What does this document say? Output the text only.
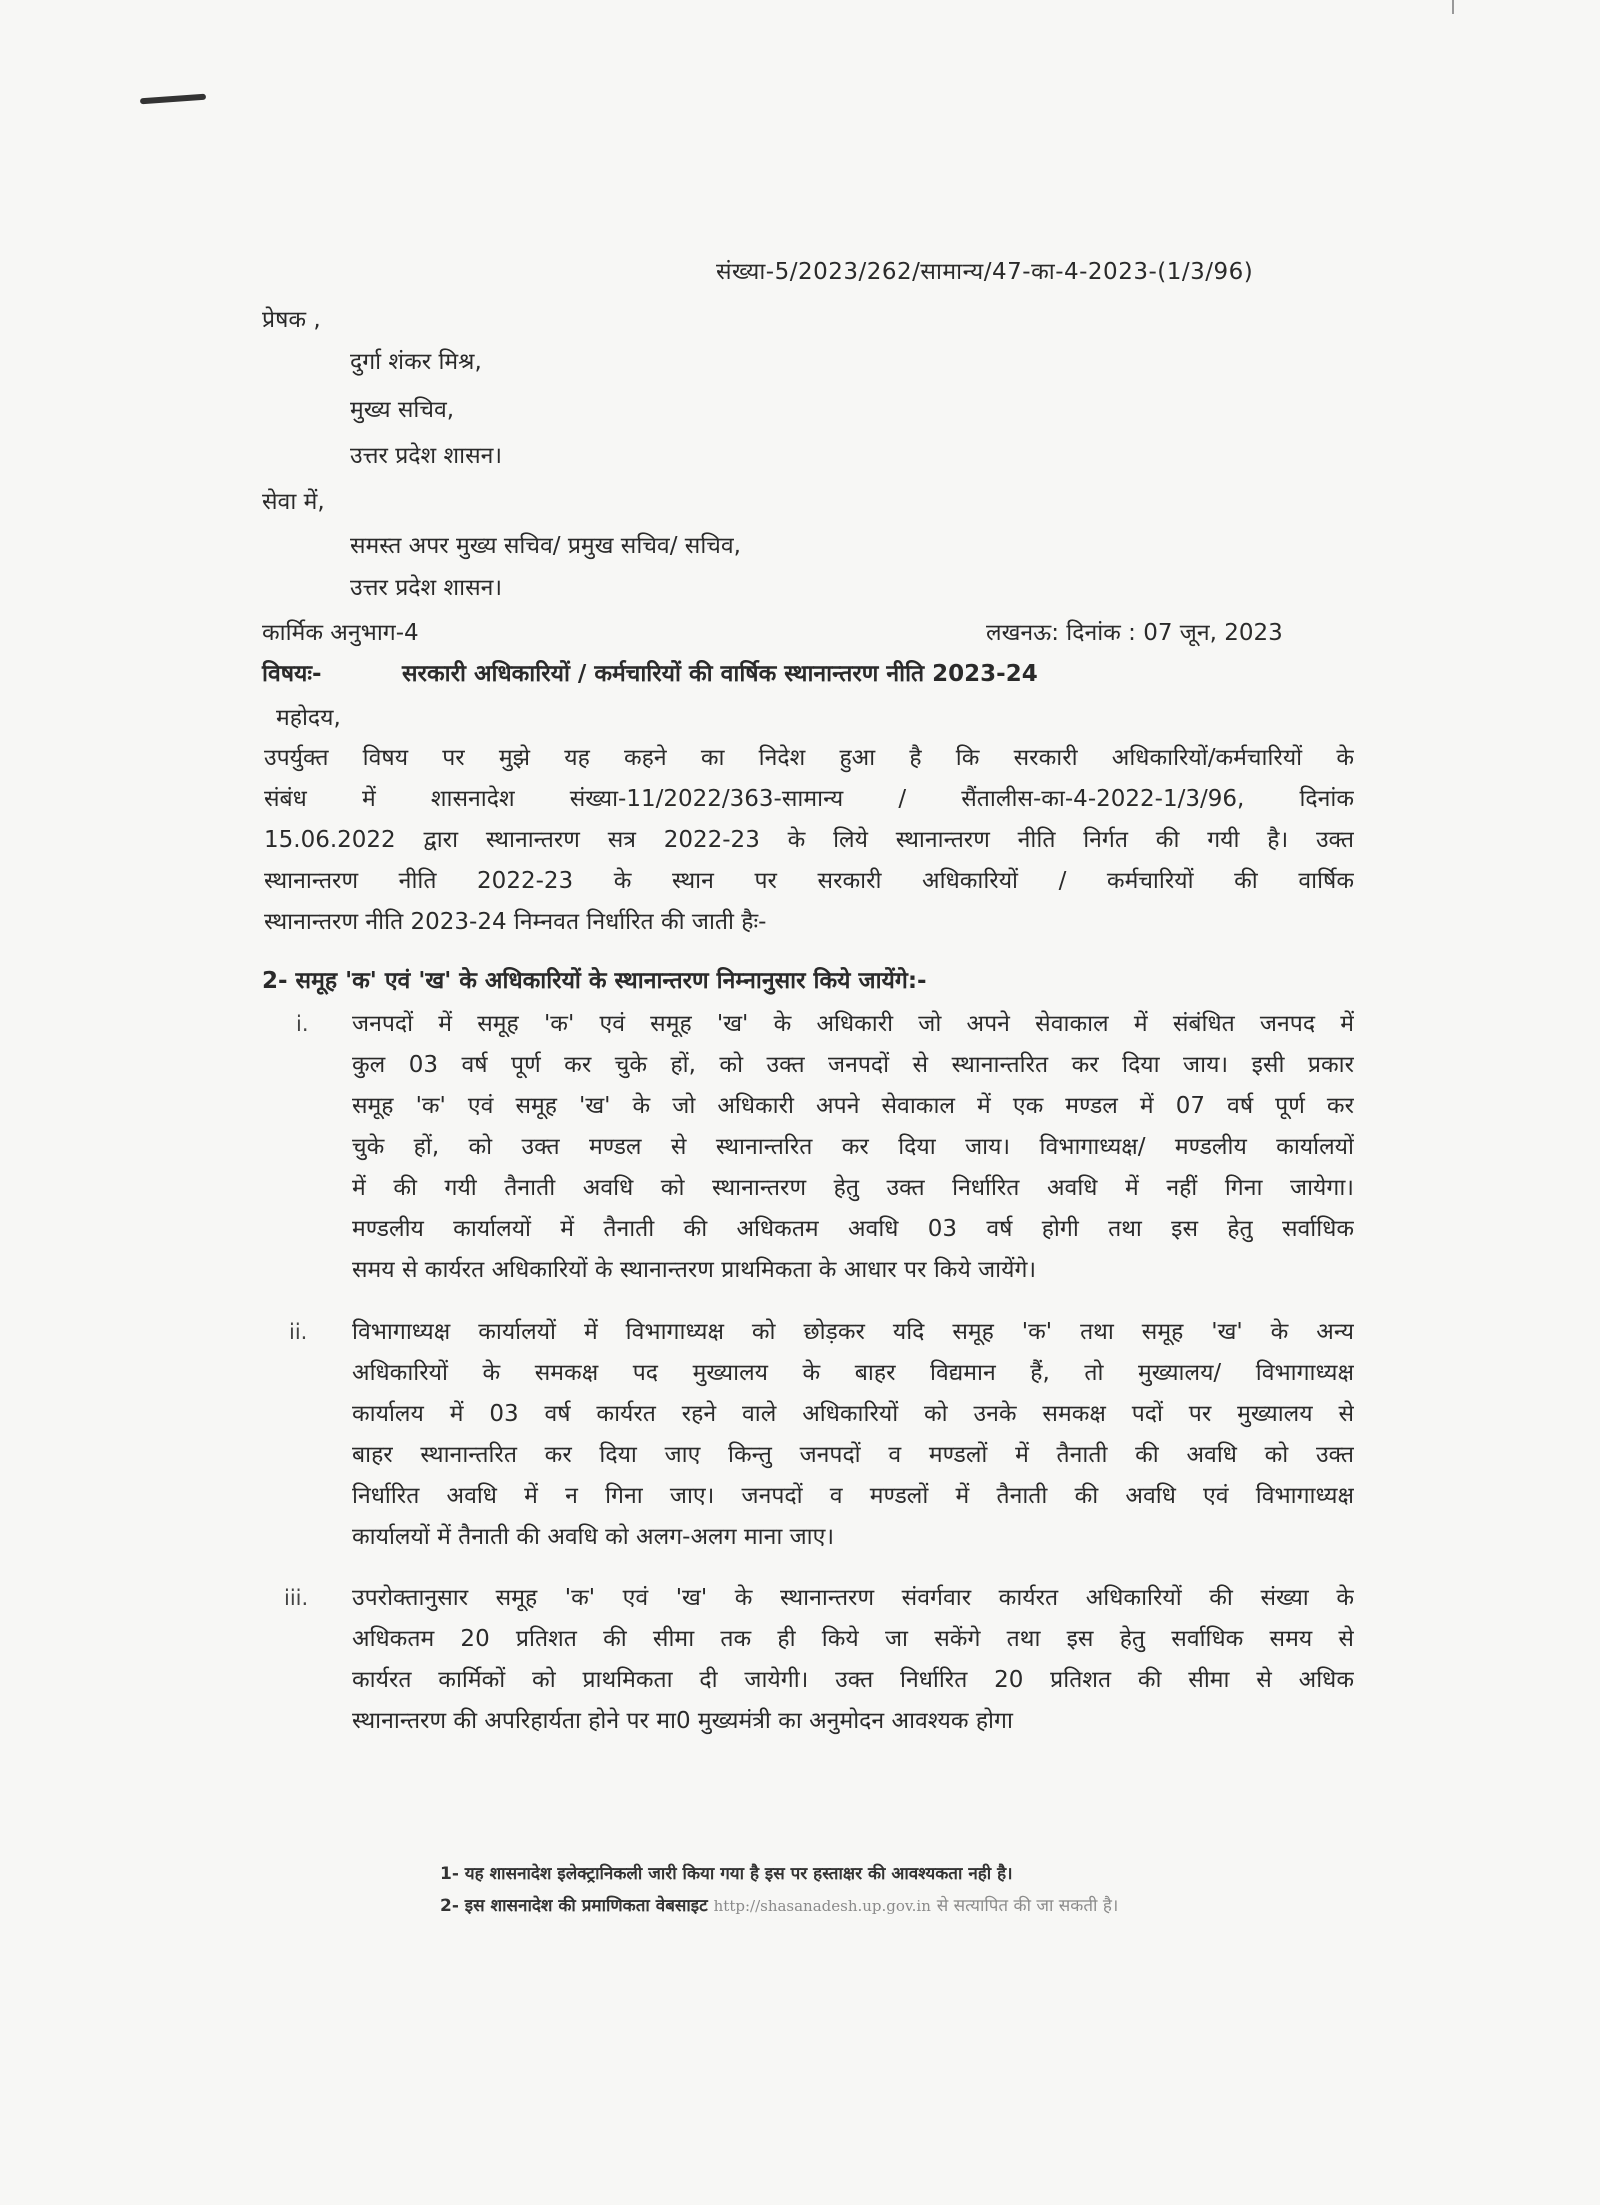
संख्या-5/2023/262/सामान्य/47-का-4-2023-(1/3/96)
प्रेषक ,
दुर्गा शंकर मिश्र,
मुख्य सचिव,
उत्तर प्रदेश शासन।
सेवा में,
समस्त अपर मुख्य सचिव/ प्रमुख सचिव/ सचिव,
उत्तर प्रदेश शासन।
कार्मिक अनुभाग-4	लखनऊ: दिनांक : 07 जून, 2023
विषयः-	सरकारी अधिकारियों / कर्मचारियों की वार्षिक स्थानान्तरण नीति 2023-24
महोदय,
उपर्युक्त विषय पर मुझे यह कहने का निदेश हुआ है कि सरकारी अधिकारियों/कर्मचारियों के
संबंध में शासनादेश संख्या-11/2022/363-सामान्य / सैंतालीस-का-4-2022-1/3/96, दिनांक
15.06.2022 द्वारा स्थानान्तरण सत्र 2022-23 के लिये स्थानान्तरण नीति निर्गत की गयी है। उक्त
स्थानान्तरण नीति 2022-23 के स्थान पर सरकारी अधिकारियों / कर्मचारियों की वार्षिक
स्थानान्तरण नीति 2023-24 निम्नवत निर्धारित की जाती हैः-
2- समूह 'क' एवं 'ख' के अधिकारियों के स्थानान्तरण निम्नानुसार किये जायेंगे:-
i. जनपदों में समूह 'क' एवं समूह 'ख' के अधिकारी जो अपने सेवाकाल में संबंधित जनपद में
कुल 03 वर्ष पूर्ण कर चुके हों, को उक्त जनपदों से स्थानान्तरित कर दिया जाय। इसी प्रकार
समूह 'क' एवं समूह 'ख' के जो अधिकारी अपने सेवाकाल में एक मण्डल में 07 वर्ष पूर्ण कर
चुके हों, को उक्त मण्डल से स्थानान्तरित कर दिया जाय। विभागाध्यक्ष/ मण्डलीय कार्यालयों
में की गयी तैनाती अवधि को स्थानान्तरण हेतु उक्त निर्धारित अवधि में नहीं गिना जायेगा।
मण्डलीय कार्यालयों में तैनाती की अधिकतम अवधि 03 वर्ष होगी तथा इस हेतु सर्वाधिक
समय से कार्यरत अधिकारियों के स्थानान्तरण प्राथमिकता के आधार पर किये जायेंगे।
ii. विभागाध्यक्ष कार्यालयों में विभागाध्यक्ष को छोड़कर यदि समूह 'क' तथा समूह 'ख' के अन्य
अधिकारियों के समकक्ष पद मुख्यालय के बाहर विद्यमान हैं, तो मुख्यालय/ विभागाध्यक्ष
कार्यालय में 03 वर्ष कार्यरत रहने वाले अधिकारियों को उनके समकक्ष पदों पर मुख्यालय से
बाहर स्थानान्तरित कर दिया जाए किन्तु जनपदों व मण्डलों में तैनाती की अवधि को उक्त
निर्धारित अवधि में न गिना जाए। जनपदों व मण्डलों में तैनाती की अवधि एवं विभागाध्यक्ष
कार्यालयों में तैनाती की अवधि को अलग-अलग माना जाए।
iii. उपरोक्तानुसार समूह 'क' एवं 'ख' के स्थानान्तरण संवर्गवार कार्यरत अधिकारियों की संख्या के
अधिकतम 20 प्रतिशत की सीमा तक ही किये जा सकेंगे तथा इस हेतु सर्वाधिक समय से
कार्यरत कार्मिकों को प्राथमिकता दी जायेगी। उक्त निर्धारित 20 प्रतिशत की सीमा से अधिक
स्थानान्तरण की अपरिहार्यता होने पर मा0 मुख्यमंत्री का अनुमोदन आवश्यक होगा
1- यह शासनादेश इलेक्ट्रानिकली जारी किया गया है इस पर हस्ताक्षर की आवश्यकता नही है।
2- इस शासनादेश की प्रमाणिकता वेबसाइट http://shasanadesh.up.gov.in से सत्यापित की जा सकती है।
